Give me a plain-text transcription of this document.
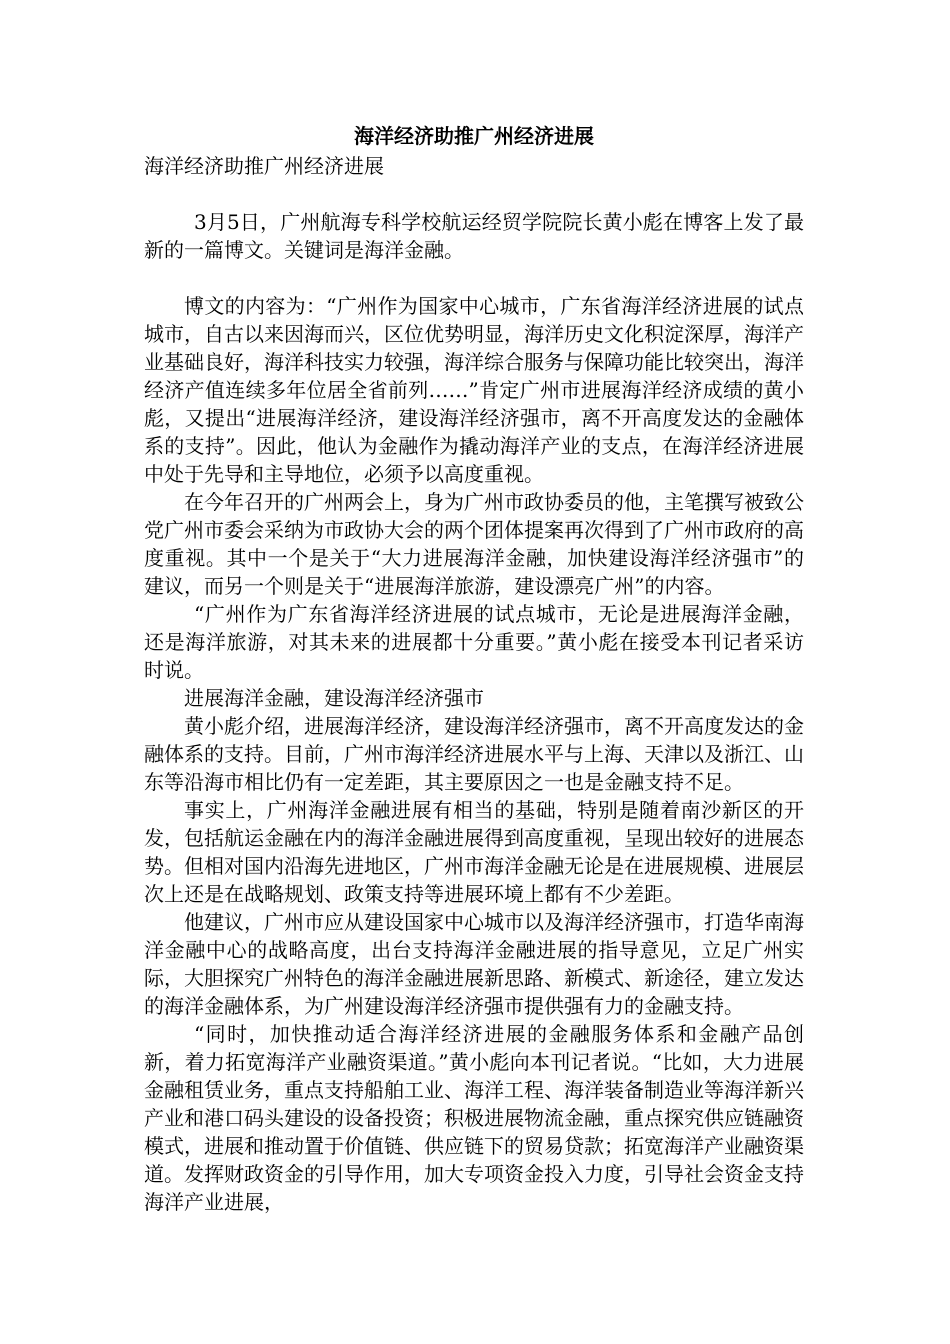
海洋经济助推广州经济进展

海洋经济助推广州经济进展

3月5日，广州航海专科学校航运经贸学院院长黄小彪在博客上发了最新的一篇博文。关键词是海洋金融。

博文的内容为：“广州作为国家中心城市，广东省海洋经济进展的试点城市，自古以来因海而兴，区位优势明显，海洋历史文化积淀深厚，海洋产业基础良好，海洋科技实力较强，海洋综合服务与保障功能比较突出，海洋经济产值连续多年位居全省前列……”肯定广州市进展海洋经济成绩的黄小彪，又提出“进展海洋经济，建设海洋经济强市，离不开高度发达的金融体系的支持”。因此，他认为金融作为撬动海洋产业的支点，在海洋经济进展中处于先导和主导地位，必须予以高度重视。

在今年召开的广州两会上，身为广州市政协委员的他，主笔撰写被致公党广州市委会采纳为市政协大会的两个团体提案再次得到了广州市政府的高度重视。其中一个是关于“大力进展海洋金融，加快建设海洋经济强市”的建议，而另一个则是关于“进展海洋旅游，建设漂亮广州”的内容。

“广州作为广东省海洋经济进展的试点城市，无论是进展海洋金融，还是海洋旅游，对其未来的进展都十分重要。”黄小彪在接受本刊记者采访时说。

进展海洋金融，建设海洋经济强市

黄小彪介绍，进展海洋经济，建设海洋经济强市，离不开高度发达的金融体系的支持。目前，广州市海洋经济进展水平与上海、天津以及浙江、山东等沿海市相比仍有一定差距，其主要原因之一也是金融支持不足。

事实上，广州海洋金融进展有相当的基础，特别是随着南沙新区的开发，包括航运金融在内的海洋金融进展得到高度重视，呈现出较好的进展态势。但相对国内沿海先进地区，广州市海洋金融无论是在进展规模、进展层次上还是在战略规划、政策支持等进展环境上都有不少差距。

他建议，广州市应从建设国家中心城市以及海洋经济强市，打造华南海洋金融中心的战略高度，出台支持海洋金融进展的指导意见，立足广州实际，大胆探究广州特色的海洋金融进展新思路、新模式、新途径，建立发达的海洋金融体系，为广州建设海洋经济强市提供强有力的金融支持。

“同时，加快推动适合海洋经济进展的金融服务体系和金融产品创新，着力拓宽海洋产业融资渠道。”黄小彪向本刊记者说。“比如，大力进展金融租赁业务，重点支持船舶工业、海洋工程、海洋装备制造业等海洋新兴产业和港口码头建设的设备投资；积极进展物流金融，重点探究供应链融资模式，进展和推动置于价值链、供应链下的贸易贷款；拓宽海洋产业融资渠道。发挥财政资金的引导作用，加大专项资金投入力度，引导社会资金支持海洋产业进展，
